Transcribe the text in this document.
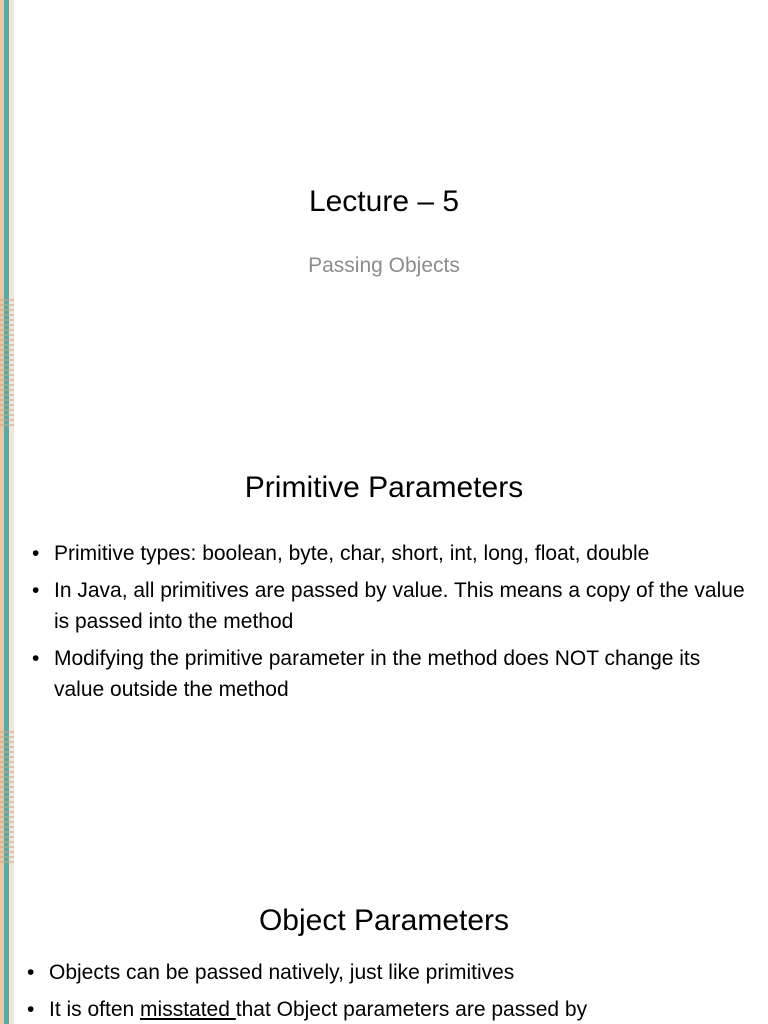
Lecture – 5

Passing Objects

Primitive Parameters
• Primitive types: boolean, byte, char, short, int, long, float, double
• In Java, all primitives are passed by value. This means a copy of the value is passed into the method
• Modifying the primitive parameter in the method does NOT change its value outside the method
Object Parameters
• Objects can be passed natively, just like primitives
• It is often misstated that Object parameters are passed by
